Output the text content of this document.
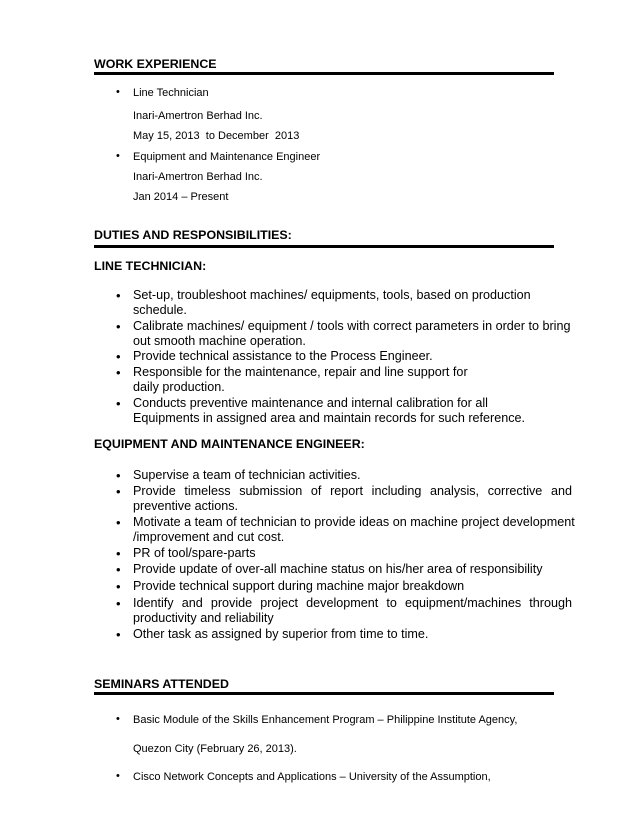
WORK EXPERIENCE
• Line Technician
Inari-Amertron Berhad Inc.
May 15, 2013  to December  2013
• Equipment and Maintenance Engineer
Inari-Amertron Berhad Inc.
Jan 2014 – Present
DUTIES AND RESPONSIBILITIES:
LINE TECHNICIAN:
• Set-up, troubleshoot machines/ equipments, tools, based on production
schedule.
• Calibrate machines/ equipment / tools with correct parameters in order to bring
out smooth machine operation.
• Provide technical assistance to the Process Engineer.
• Responsible for the maintenance, repair and line support for
daily production.
• Conducts preventive maintenance and internal calibration for all
Equipments in assigned area and maintain records for such reference.
EQUIPMENT AND MAINTENANCE ENGINEER:
• Supervise a team of technician activities.
• Provide timeless submission of report including analysis, corrective and
preventive actions.
• Motivate a team of technician to provide ideas on machine project development
/improvement and cut cost.
• PR of tool/spare-parts
• Provide update of over-all machine status on his/her area of responsibility
• Provide technical support during machine major breakdown
• Identify and provide project development to equipment/machines through
productivity and reliability
• Other task as assigned by superior from time to time.
SEMINARS ATTENDED
• Basic Module of the Skills Enhancement Program – Philippine Institute Agency,
Quezon City (February 26, 2013).
• Cisco Network Concepts and Applications – University of the Assumption,
